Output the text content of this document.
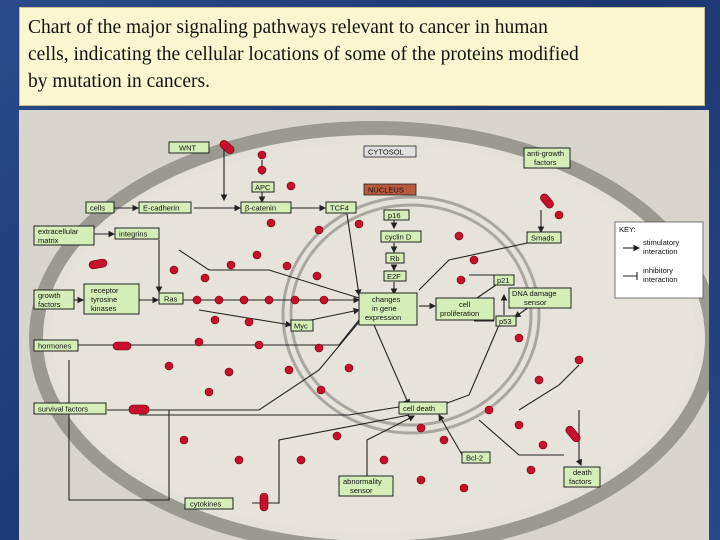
Chart of the major signaling pathways relevant to cancer in human
cells, indicating the cellular locations of some of the proteins modified
by mutation in cancers.
CYTOSOL
NUCLEUS
WNT
APC
cells	E-cadherin	β-catenin	TCF4
p16
cyclin D
Rb
E2F
extracellular
matrix
integrins
growth
factors
receptor
tyrosine
kinases
Ras
Myc
changes
in gene
expression
cell
proliferation
p21
p53
DNA damage
sensor
Smads
anti-growth
factors
hormones
survival factors	cell death
Bcl-2
abnormality
sensor
death
factors
cytokines
KEY:
stimulatory
interaction
inhibitory
interaction
